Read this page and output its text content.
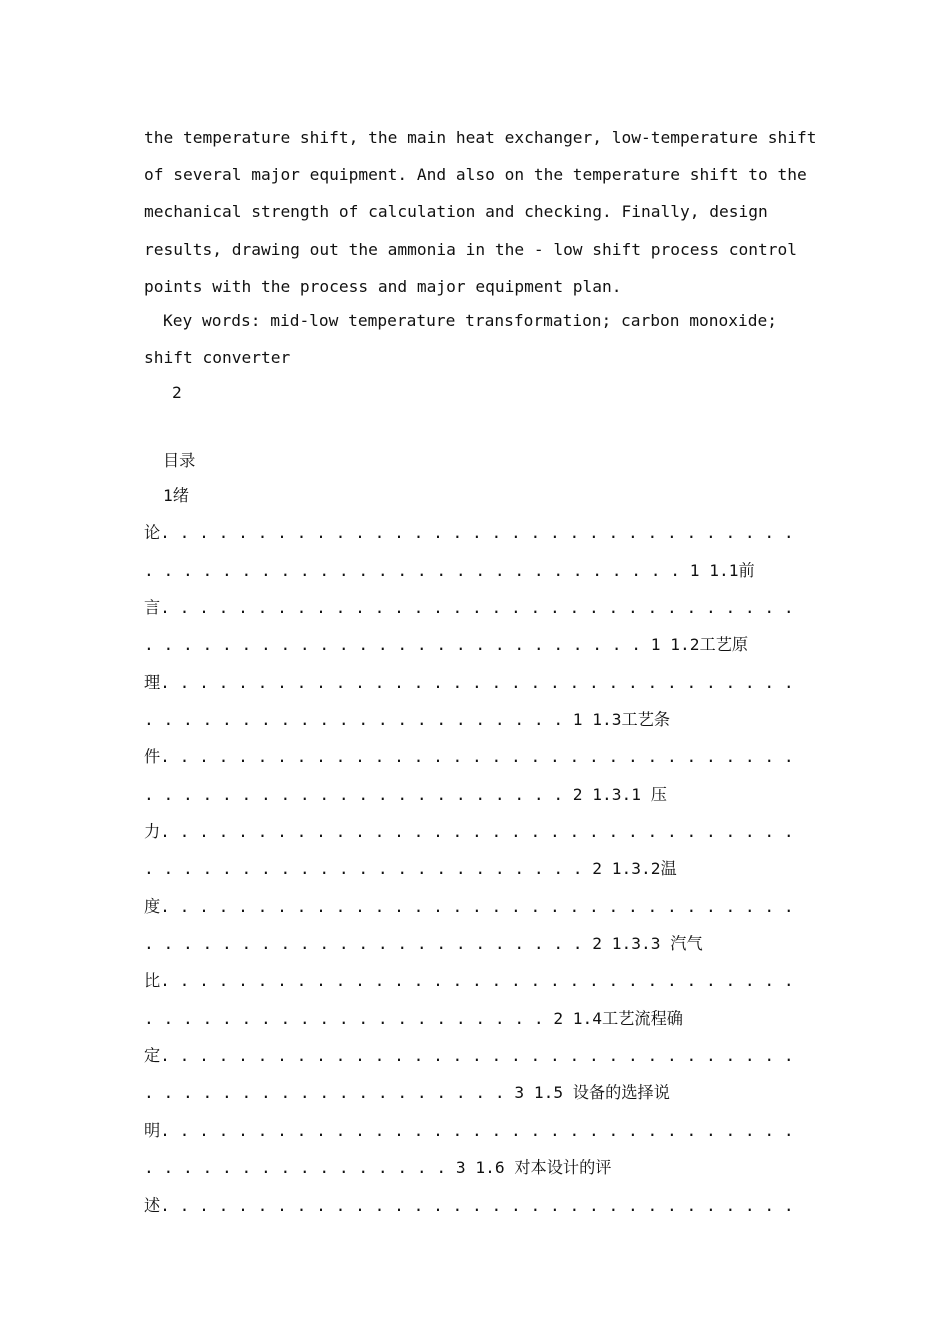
the temperature shift, the main heat exchanger, low-temperature shift
of several major equipment. And also on the temperature shift to the
mechanical strength of calculation and checking. Finally, design
results, drawing out the ammonia in the - low shift process control
points with the process and major equipment plan.
Key words: mid-low temperature transformation; carbon monoxide;
shift converter
2
目录
1绪
论. . . . . . . . . . . . . . . . . . . . . . . . . . . . . . . . .
. . . . . . . . . . . . . . . . . . . . . . . . . . . . 1 1.1前
言. . . . . . . . . . . . . . . . . . . . . . . . . . . . . . . . .
. . . . . . . . . . . . . . . . . . . . . . . . . . 1 1.2工艺原
理. . . . . . . . . . . . . . . . . . . . . . . . . . . . . . . . .
. . . . . . . . . . . . . . . . . . . . . . 1 1.3工艺条
件. . . . . . . . . . . . . . . . . . . . . . . . . . . . . . . . .
. . . . . . . . . . . . . . . . . . . . . . 2 1.3.1 压
力. . . . . . . . . . . . . . . . . . . . . . . . . . . . . . . . .
. . . . . . . . . . . . . . . . . . . . . . . 2 1.3.2温
度. . . . . . . . . . . . . . . . . . . . . . . . . . . . . . . . .
. . . . . . . . . . . . . . . . . . . . . . . 2 1.3.3 汽气
比. . . . . . . . . . . . . . . . . . . . . . . . . . . . . . . . .
. . . . . . . . . . . . . . . . . . . . . 2 1.4工艺流程确
定. . . . . . . . . . . . . . . . . . . . . . . . . . . . . . . . .
. . . . . . . . . . . . . . . . . . . 3 1.5 设备的选择说
明. . . . . . . . . . . . . . . . . . . . . . . . . . . . . . . . .
. . . . . . . . . . . . . . . . 3 1.6 对本设计的评
述. . . . . . . . . . . . . . . . . . . . . . . . . . . . . . . . .
